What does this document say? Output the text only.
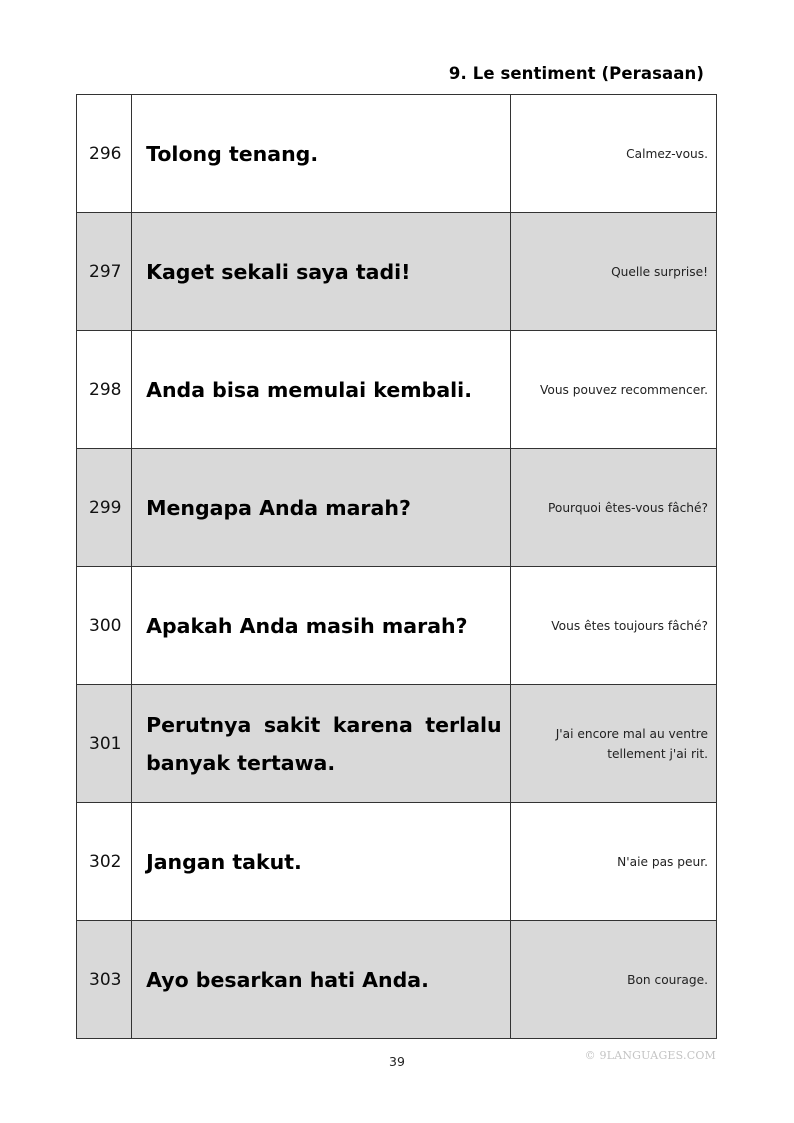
9. Le sentiment (Perasaan)
296	Tolong tenang.	Calmez-vous.
297	Kaget sekali saya tadi!	Quelle surprise!
298	Anda bisa memulai kembali.	Vous pouvez recommencer.
299	Mengapa Anda marah?	Pourquoi êtes-vous fâché?
300	Apakah Anda masih marah?	Vous êtes toujours fâché?
301	Perutnya sakit karena terlalu banyak tertawa.	J'ai encore mal au ventre tellement j'ai rit.
302	Jangan takut.	N'aie pas peur.
303	Ayo besarkan hati Anda.	Bon courage.
39	© 9LANGUAGES.COM
